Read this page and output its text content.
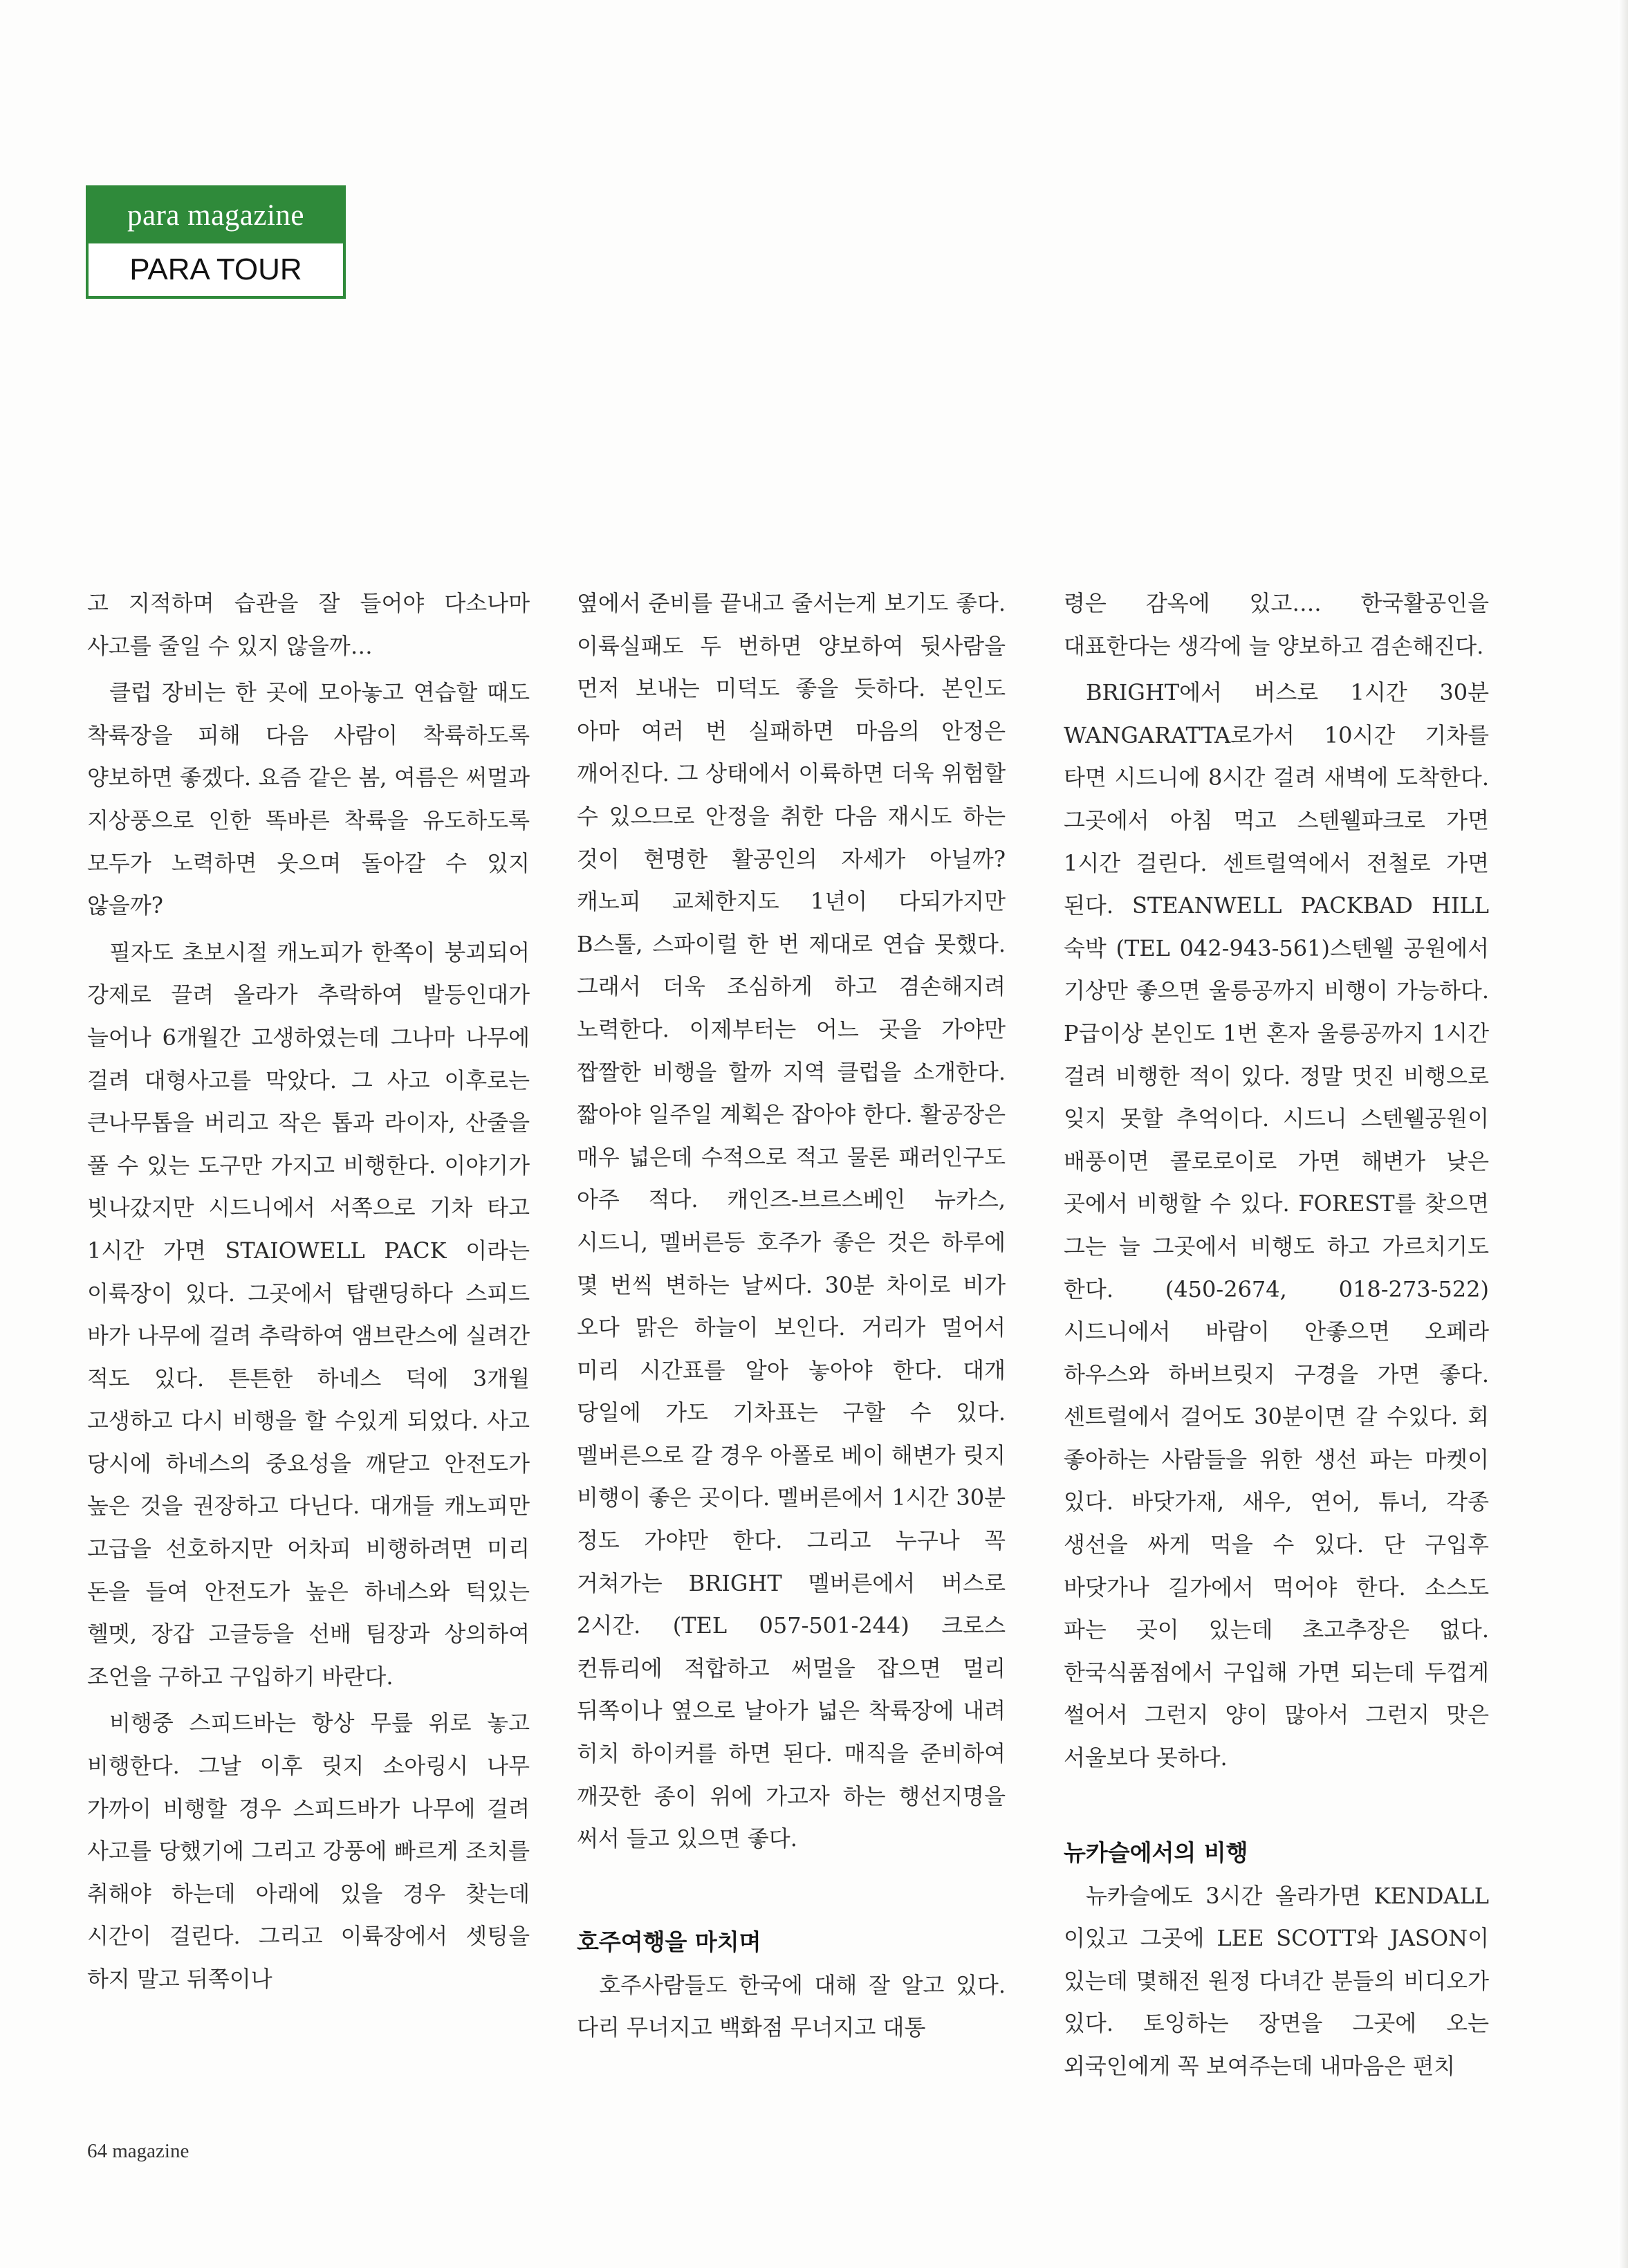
para magazine
PARA TOUR

고 지적하며 습관을 잘 들어야 다소나마 사고를 줄일 수 있지 않을까…

클럽 장비는 한 곳에 모아놓고 연습할 때도 착륙장을 피해 다음 사람이 착륙하도록 양보하면 좋겠다. 요즘 같은 봄, 여름은 써멀과 지상풍으로 인한 똑바른 착륙을 유도하도록 모두가 노력하면 웃으며 돌아갈 수 있지 않을까?

필자도 초보시절 캐노피가 한쪽이 붕괴되어 강제로 끌려 올라가 추락하여 발등인대가 늘어나 6개월간 고생하였는데 그나마 나무에 걸려 대형사고를 막았다. 그 사고 이후로는 큰나무톱을 버리고 작은 톱과 라이자, 산줄을 풀 수 있는 도구만 가지고 비행한다. 이야기가 빗나갔지만 시드니에서 서쪽으로 기차 타고 1시간 가면 STAIOWELL PACK 이라는 이륙장이 있다. 그곳에서 탑랜딩하다 스피드 바가 나무에 걸려 추락하여 앰브란스에 실려간 적도 있다. 튼튼한 하네스 덕에 3개월 고생하고 다시 비행을 할 수있게 되었다. 사고 당시에 하네스의 중요성을 깨닫고 안전도가 높은 것을 권장하고 다닌다. 대개들 캐노피만 고급을 선호하지만 어차피 비행하려면 미리 돈을 들여 안전도가 높은 하네스와 턱있는 헬멧, 장갑 고글등을 선배 팀장과 상의하여 조언을 구하고 구입하기 바란다.

비행중 스피드바는 항상 무릎 위로 놓고 비행한다. 그날 이후 릿지 소아링시 나무 가까이 비행할 경우 스피드바가 나무에 걸려 사고를 당했기에 그리고 강풍에 빠르게 조치를 취해야 하는데 아래에 있을 경우 찾는데 시간이 걸린다. 그리고 이륙장에서 셋팅을 하지 말고 뒤쪽이나

옆에서 준비를 끝내고 줄서는게 보기도 좋다. 이륙실패도 두 번하면 양보하여 뒷사람을 먼저 보내는 미덕도 좋을 듯하다. 본인도 아마 여러 번 실패하면 마음의 안정은 깨어진다. 그 상태에서 이륙하면 더욱 위험할 수 있으므로 안정을 취한 다음 재시도 하는 것이 현명한 활공인의 자세가 아닐까? 캐노피 교체한지도 1년이 다되가지만 B스톨, 스파이럴 한 번 제대로 연습 못했다. 그래서 더욱 조심하게 하고 겸손해지려 노력한다. 이제부터는 어느 곳을 가야만 짭짤한 비행을 할까 지역 클럽을 소개한다. 짧아야 일주일 계획은 잡아야 한다. 활공장은 매우 넓은데 수적으로 적고 물론 패러인구도 아주 적다. 캐인즈-브르스베인 뉴카스, 시드니, 멜버른등 호주가 좋은 것은 하루에 몇 번씩 변하는 날씨다. 30분 차이로 비가 오다 맑은 하늘이 보인다. 거리가 멀어서 미리 시간표를 알아 놓아야 한다. 대개 당일에 가도 기차표는 구할 수 있다. 멜버른으로 갈 경우 아폴로 베이 해변가 릿지 비행이 좋은 곳이다. 멜버른에서 1시간 30분 정도 가야만 한다. 그리고 누구나 꼭 거쳐가는 BRIGHT 멜버른에서 버스로 2시간. (TEL 057-501-244) 크로스 컨튜리에 적합하고 써멀을 잡으면 멀리 뒤쪽이나 옆으로 날아가 넓은 착륙장에 내려 히치 하이커를 하면 된다. 매직을 준비하여 깨끗한 종이 위에 가고자 하는 행선지명을 써서 들고 있으면 좋다.

호주여행을 마치며

호주사람들도 한국에 대해 잘 알고 있다. 다리 무너지고 백화점 무너지고 대통

령은 감옥에 있고…. 한국활공인을 대표한다는 생각에 늘 양보하고 겸손해진다.

BRIGHT에서 버스로 1시간 30분 WANGARATTA로가서 10시간 기차를 타면 시드니에 8시간 걸려 새벽에 도착한다. 그곳에서 아침 먹고 스텐웰파크로 가면 1시간 걸린다. 센트럴역에서 전철로 가면 된다. STEANWELL PACKBAD HILL 숙박 (TEL 042-943-561)스텐웰 공원에서 기상만 좋으면 울릉공까지 비행이 가능하다. P급이상 본인도 1번 혼자 울릉공까지 1시간 걸려 비행한 적이 있다. 정말 멋진 비행으로 잊지 못할 추억이다. 시드니 스텐웰공원이 배풍이면 콜로로이로 가면 해변가 낮은 곳에서 비행할 수 있다. FOREST를 찾으면 그는 늘 그곳에서 비행도 하고 가르치기도 한다. (450-2674, 018-273-522) 시드니에서 바람이 안좋으면 오페라 하우스와 하버브릿지 구경을 가면 좋다. 센트럴에서 걸어도 30분이면 갈 수있다. 회 좋아하는 사람들을 위한 생선 파는 마켓이 있다. 바닷가재, 새우, 연어, 튜너, 각종 생선을 싸게 먹을 수 있다. 단 구입후 바닷가나 길가에서 먹어야 한다. 소스도 파는 곳이 있는데 초고추장은 없다. 한국식품점에서 구입해 가면 되는데 두껍게 썰어서 그런지 양이 많아서 그런지 맛은 서울보다 못하다.

뉴카슬에서의 비행

뉴카슬에도 3시간 올라가면 KENDALL 이있고 그곳에 LEE SCOTT와 JASON이 있는데 몇해전 원정 다녀간 분들의 비디오가 있다. 토잉하는 장면을 그곳에 오는 외국인에게 꼭 보여주는데 내마음은 편치

64 magazine
